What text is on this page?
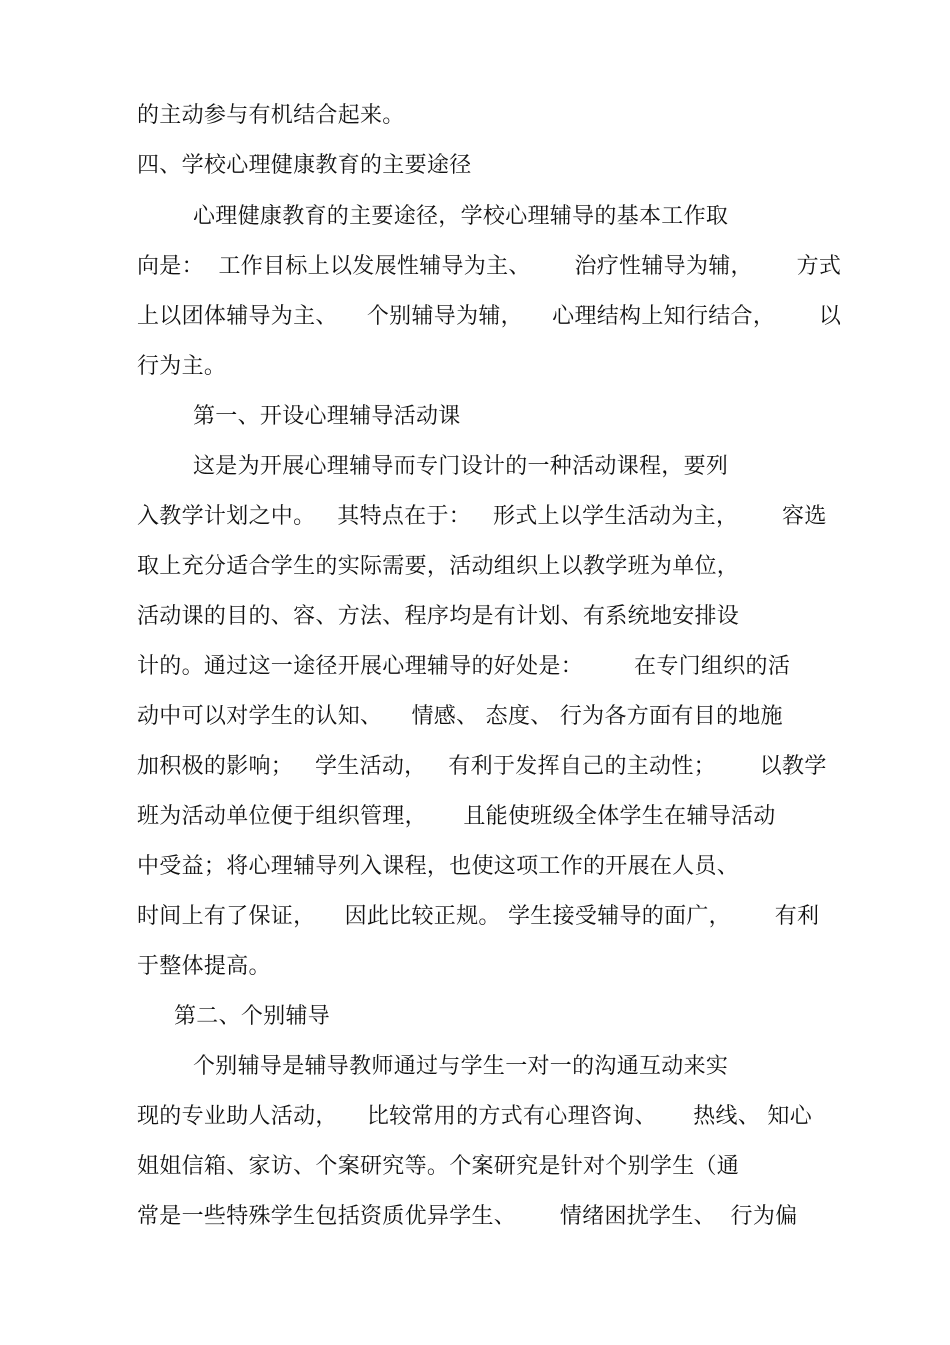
的主动参与有机结合起来。
四、学校心理健康教育的主要途径
心理健康教育的主要途径，学校心理辅导的基本工作取
向是：  工作目标上以发展性辅导为主、      治疗性辅导为辅，      方式
上以团体辅导为主、    个别辅导为辅，    心理结构上知行结合，      以
行为主。
第一、开设心理辅导活动课
这是为开展心理辅导而专门设计的一种活动课程，要列
入教学计划之中。   其特点在于：   形式上以学生活动为主，      容选
取上充分适合学生的实际需要，活动组织上以教学班为单位，
活动课的目的、容、方法、程序均是有计划、有系统地安排设
计的。通过这一途径开展心理辅导的好处是：       在专门组织的活
动中可以对学生的认知、    情感、 态度、 行为各方面有目的地施
加积极的影响；   学生活动，   有利于发挥自己的主动性；      以教学
班为活动单位便于组织管理，     且能使班级全体学生在辅导活动
中受益；将心理辅导列入课程，也使这项工作的开展在人员、
时间上有了保证，    因此比较正规。 学生接受辅导的面广，      有利
于整体提高。
第二、个别辅导
个别辅导是辅导教师通过与学生一对一的沟通互动来实
现的专业助人活动，    比较常用的方式有心理咨询、     热线、 知心
姐姐信箱、家访、个案研究等。个案研究是针对个别学生（通
常是一些特殊学生包括资质优异学生、      情绪困扰学生、  行为偏
